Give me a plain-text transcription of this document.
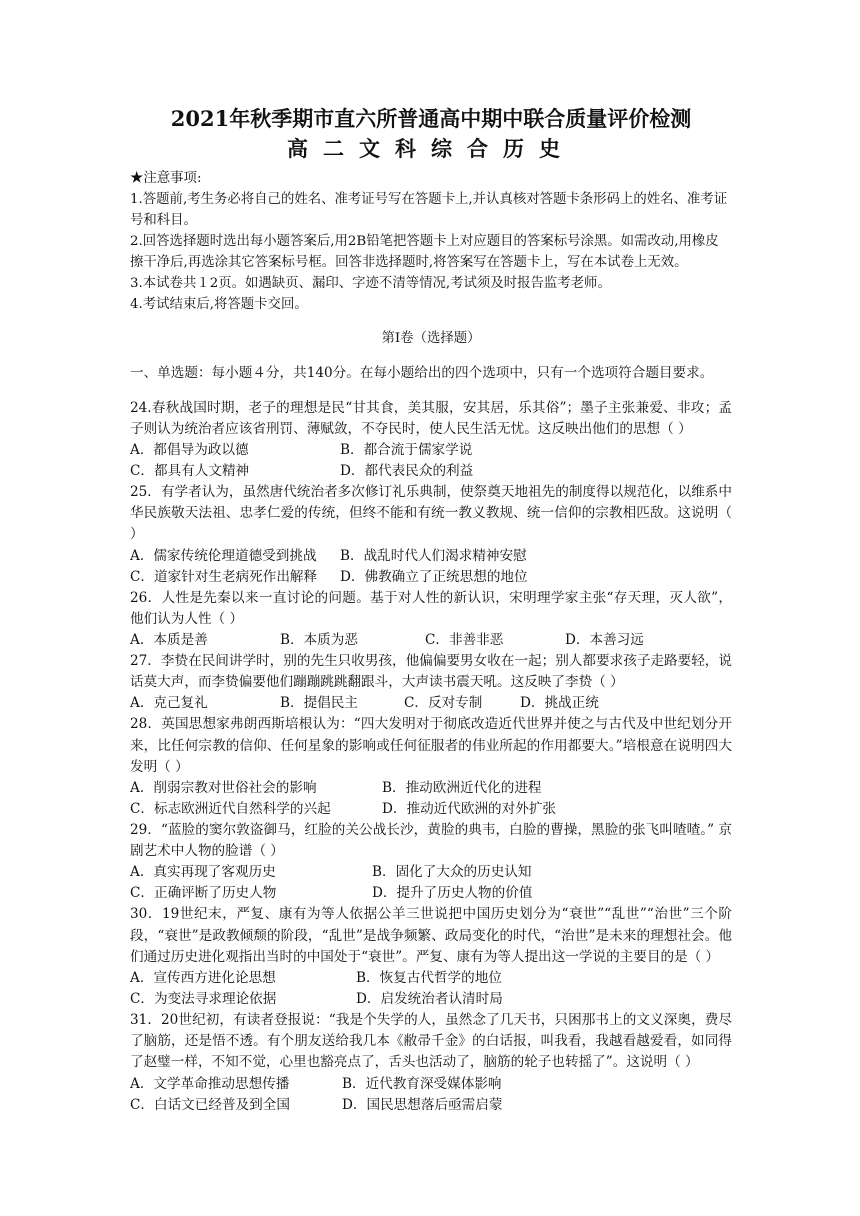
2021年秋季期市直六所普通高中期中联合质量评价检测

高二文科综合历史

★注意事项:

1.答题前,考生务必将自己的姓名、准考证号写在答题卡上,并认真核对答题卡条形码上的姓名、准考证号和科目。

2.回答选择题时选出每小题答案后,用2B铅笔把答题卡上对应题目的答案标号涂黑。如需改动,用橡皮擦干净后,再选涂其它答案标号框。回答非选择题时,将答案写在答题卡上，写在本试卷上无效。

3.本试卷共１2页。如遇缺页、漏印、字迹不清等情况,考试须及时报告监考老师。

4.考试结束后,将答题卡交回。

第Ⅰ卷（选择题）

一、单选题：每小题４分，共140分。在每小题给出的四个选项中，只有一个选项符合题目要求。

24.春秋战国时期，老子的理想是民“甘其食，美其服，安其居，乐其俗”；墨子主张兼爱、非攻；孟子则认为统治者应该省刑罚、薄赋敛，不夺民时，使人民生活无忧。这反映出他们的思想（ ）
A．都倡导为政以德	B．都合流于儒家学说
C．都具有人文精神	D．都代表民众的利益
25．有学者认为，虽然唐代统治者多次修订礼乐典制，使祭奠天地祖先的制度得以规范化，以维系中华民族敬天法祖、忠孝仁爱的传统，但终不能和有统一教义教规、统一信仰的宗教相匹敌。这说明（ ）
A．儒家传统伦理道德受到挑战	B．战乱时代人们渴求精神安慰
C．道家针对生老病死作出解释	D．佛教确立了正统思想的地位
26．人性是先秦以来一直讨论的问题。基于对人性的新认识，宋明理学家主张“存天理，灭人欲”，他们认为人性（ ）
A．本质是善	B．本质为恶	C．非善非恶	D．本善习远
27．李贽在民间讲学时，别的先生只收男孩，他偏偏要男女收在一起；别人都要求孩子走路要轻，说话莫大声，而李贽偏要他们蹦蹦跳跳翻跟斗，大声读书震天吼。这反映了李贽（ ）
A．克己复礼	B．提倡民主	C．反对专制	D．挑战正统
28．英国思想家弗朗西斯培根认为：“四大发明对于彻底改造近代世界并使之与古代及中世纪划分开来，比任何宗教的信仰、任何星象的影响或任何征服者的伟业所起的作用都要大。”培根意在说明四大发明（ ）
A．削弱宗教对世俗社会的影响	B．推动欧洲近代化的进程
C．标志欧洲近代自然科学的兴起	D．推动近代欧洲的对外扩张
29．“蓝脸的窦尔敦盗御马，红脸的关公战长沙，黄脸的典韦，白脸的曹操，黑脸的张飞叫喳喳。” 京剧艺术中人物的脸谱（ ）
A．真实再现了客观历史	B．固化了大众的历史认知
C．正确评断了历史人物	D．提升了历史人物的价值
30．19世纪末，严复、康有为等人依据公羊三世说把中国历史划分为“衰世”“乱世”“治世”三个阶段，“衰世”是政教倾颓的阶段，“乱世”是战争频繁、政局变化的时代，“治世”是未来的理想社会。他们通过历史进化观指出当时的中国处于“衰世”。严复、康有为等人提出这一学说的主要目的是（ ）
A．宣传西方进化论思想	B．恢复古代哲学的地位
C．为变法寻求理论依据	D．启发统治者认清时局
31．20世纪初，有读者登报说：“我是个失学的人，虽然念了几天书，只困那书上的文义深奥，费尽了脑筋，还是悟不透。有个朋友送给我几本《敝帚千金》的白话报，叫我看，我越看越爱看，如同得了赵璧一样，不知不觉，心里也豁亮点了，舌头也活动了，脑筋的轮子也转摇了”。这说明（ ）
A．文学革命推动思想传播	B．近代教育深受媒体影响
C．白话文已经普及到全国	D．国民思想落后亟需启蒙
